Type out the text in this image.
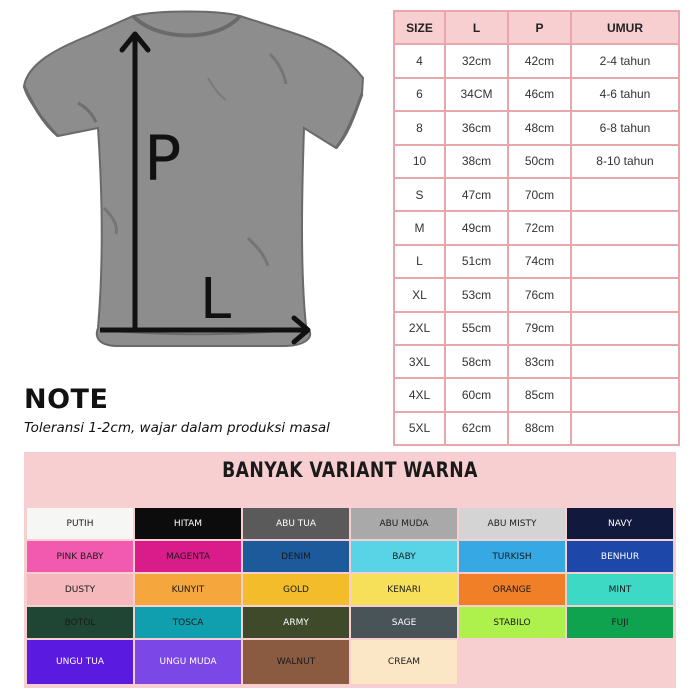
P
L
SIZE	L	P	UMUR
4	32cm	42cm	2-4 tahun
6	34CM	46cm	4-6 tahun
8	36cm	48cm	6-8 tahun
10	38cm	50cm	8-10 tahun
S	47cm	70cm	
M	49cm	72cm	
L	51cm	74cm	
XL	53cm	76cm	
2XL	55cm	79cm	
3XL	58cm	83cm	
4XL	60cm	85cm	
5XL	62cm	88cm	
NOTE
Toleransi 1-2cm, wajar dalam produksi masal
BANYAK VARIANT WARNA
PUTIH	HITAM	ABU TUA	ABU MUDA	ABU MISTY	NAVY
PINK BABY	MAGENTA	DENIM	BABY	TURKISH	BENHUR
DUSTY	KUNYIT	GOLD	KENARI	ORANGE	MINT
BOTOL	TOSCA	ARMY	SAGE	STABILO	FUJI
UNGU TUA	UNGU MUDA	WALNUT	CREAM
